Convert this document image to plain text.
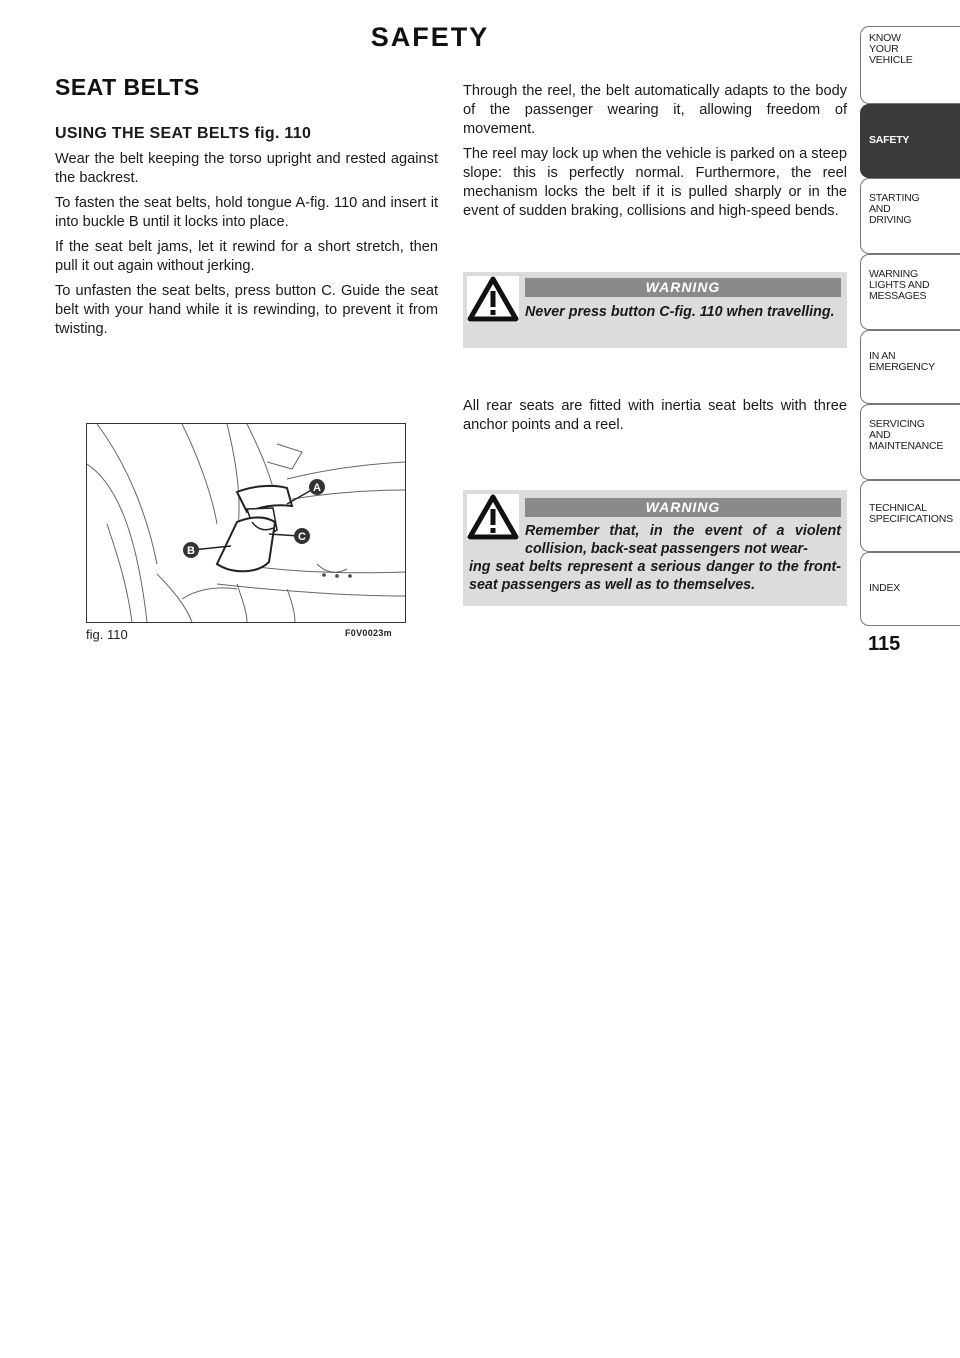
SAFETY
SEAT BELTS
USING THE SEAT BELTS fig. 110

Wear the belt keeping the torso upright and rested against the backrest.

To fasten the seat belts, hold tongue A-fig. 110 and insert it into buckle B until it locks into place.

If the seat belt jams, let it rewind for a short stretch, then pull it out again without jerking.

To unfasten the seat belts, press button C. Guide the seat belt with your hand while it is rewinding, to prevent it from twisting.

Through the reel, the belt automatically adapts to the body of the passenger wearing it, allowing freedom of movement.

The reel may lock up when the vehicle is parked on a steep slope: this is perfectly normal. Furthermore, the reel mechanism locks the belt if it is pulled sharply or in the event of sudden braking, collisions and high-speed bends.

WARNING
Never press button C-fig. 110 when travelling.

All rear seats are fitted with inertia seat belts with three anchor points and a reel.

WARNING
Remember that, in the event of a violent collision, back-seat passengers not wear-
ing seat belts represent a serious danger to the front-seat passengers as well as to themselves.
A
B
C
fig. 110	F0V0023m
KNOW
YOUR
VEHICLE
SAFETY
STARTING
AND
DRIVING
WARNING
LIGHTS AND
MESSAGES
IN AN
EMERGENCY
SERVICING
AND
MAINTENANCE
TECHNICAL
SPECIFICATIONS
INDEX
115
